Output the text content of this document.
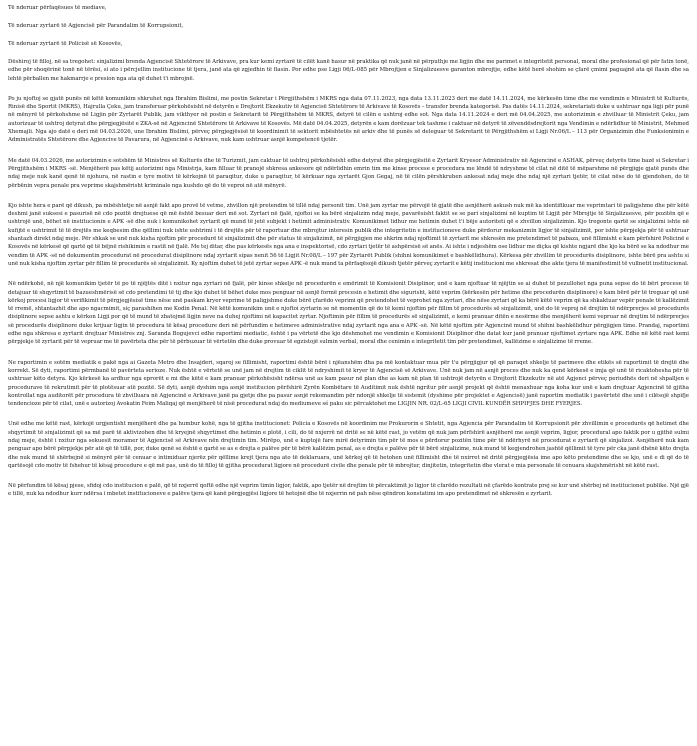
Të nderuar përfaqësues të mediave,

Të nderuar zyrtarë të Agjencisë për Parandalim të Korrupsionit,

Të nderuar zyrtarë të Policisë së Kosovës,

Dëshiroj të filloj, në sa tregohet: sinjalizimi brenda Agjencisë Shtetërore të Arkivave, pra kur kemi zyrtarë të cilët kanë hasur në praktika që nuk janë në përputhje me ligjin dhe me parimet e integritetit personal, moral dhe profesional që për fatin tonë, edhe për shoqërinë tonë në tërësi, si ato i përcjellim institucione të tjera, janë ata që zgjedhin të flasin. Por edhe pse Ligji 06/L-085 për Mbrojtjen e Sinjalizuesve garanton mbrojtje, edhe këtë herë shohim se çfarë çmimi paguajnë ata që flasin dhe sa lehtë përballen me hakmarrje e presion nga ata që duhet t'i mbrojnë.

Po ju njoftoj se gjatë punës në këtë komunikim shkruhet nga Ibrahim Bislimi, me postin Sekretar i Përgjithshëm i MKRS nga data 07.11.2023, nga data 13.11.2023 deri me datë 14.11.2024, me kërkesën time dhe me vendimin e Ministrit të Kulturës, Rinisë dhe Sportit (MKRS), Hajrulla Çeku, jam transferuar përkohësisht në detyrën e Drejtorit Ekzekutiv të Agjencisë Shtetërore të Arkivave të Kosovës – transfer brenda kategorisë. Pas datës 14.11.2024, sekretariati duke u ushtruar nga ligji për punë në mënyrë të përkohshme në Ligjin për Zyrtarët Publik, jam vikthyer në postin e Sekretarit të Përgjithshëm të MKRS, detyrë të cilën e ushtroj edhe sot. Nga data 14.11.2024 e deri më 04.04.2025, me autorizimin e zhvilluar të Ministrit Çeku, jam autorizuar të ushtroj detyrat dhe përgjegjësitë e ZKA-së në Agjencinë Shtetërore të Arkivave të Kosovës. Më datë 04.04.2025, detyrën e kam dorëzuar tek tashme i caktuar në detyrë të zëvendësdrejtorit nga Vendimin e ndërlidhur të Ministrit, Mehmed Xhemajli. Nga ajo datë e deri më 04.03.2026, une Ibrahim Bislimi, përveç përgjegjësisë të koordinimit të sektorit mbështetës në arkiv dhe të punës së deleguar të Sekretarit të Përgjithshëm si Ligji Nr.06/L – 113 për Organizimin dhe Funksionimin e Administratës Shtetërore dhe Agjencive të Pavarura, në Agjencinë e Arkivave, nuk kam ushtruar asnjë kompetencë tjetër.

Me datë 04.03.2026, me autorizimin e sotshëm të Ministres së Kulturës dhe të Turizmit, jam caktuar të ushtroj përkohësisht edhe detyrat dhe përgjegjësitë e Zyrtarit Kryesor Administrativ në Agjencinë e ASHAK, përveç detyrës time bazë si Sekretar i Përgjithshëm i MKRS -së. Menjëherë pas këtij autorizimi nga Ministrja, kam filluar të pranojë shkresa ankesore që ndërlidhin emrin tim me kinse procese e procedura me lëndë të ndryshme të cilat në ditë të mëparshme në përgjigje gjatë punës dhe ndaj meje nuk kanë qenë të njohura, në rastin e tyre motivi të kërkojnë të paraqitur, duke u paraqitur, të kërkuar nga zyrtarët Gjon Gegaj, në të cilën përshkruhen ankesat ndaj meje dhe ndaj një zyrtari tjetër, të cilat nëse do të gjendohen, do të përbënin vepra penale pra veprime skajshmërisht kriminale nga kushdo që do të veproi në atë mënyrë.

Kjo ishte hera e parë që dikush, pa mbështetje në asnjë fakt apo provë të vetme, zhvillon një pretendim të tillë ndaj personit tim. Unë jam zyrtar me përvojë të gjatë dhe asnjëherë askush nuk më ka identifikuar me veprimtari të paligjshme dhe për këtë deshmi janë suksesi e pasurisë në cdo pozitë drejtuese që më është besuar deri më sot. Zyrtari në fjalë, njoftoi se ka bërë sinjalizim ndaj meje, pavarësisht faktit se se pari sinjalizimi në kuptim të Ligjit për Mbrojtje të Sinjalizuesve, për pozitën që e ushtrojë unë, bëhet në institucionin e APK -së dhe nuk i komunikohet zyrtarit që mund të jetë subjekt i hetimit administrativ. Komunikimet lidhur me hetimin duhet t'i bëje autoriteti që e zhvillon sinjalizimin. Kjo tregonte qartë se sinjalizimi ishte në kufijtë e ushtrimit të të drejtës me keqbesim dhe qëllimi nuk ishte ushtrimi i të drejtës për të raportuar dhe mbrojtur interesin publik dhe integritetin e institucioneve duke përdorur mekanizmin ligjor të sinjalizimit, por ishte përpjekja për të ushtruar shantazh direkt ndaj meje. Për shkak se unë nuk kisha njoftim për procedurë të sinjalizimit dhe për status të sinjalizimit, në përgjigjen me shkrim ndaj njoftimit të zyrtarit me shkresën me pretendimet të pabaza, unë fillimisht e kam përfshirë Policinë e Kosovës në kërkesë që qartë që të bëjnë rishikimin e rastit në fjalë. Me tej ditar, dhe pas kërkesës nga ana e inspektorisë, cdo zyrtari tjetër të ashpërsisë së anës. Ai ishte i ndjeshëm ose lidhur me diçka që kishte ngjarë dhe kjo ka bërë se ka ndodhur me vendim të APK -së në dokumentin procedurat në procedurat disiplinore ndaj zyrtarit sipas nenit 56 të Ligjit Nr.08/L – 197 për Zyrtarët Publik (shihni komunikimet e bashkëlidhura). Kërkesa për zhvillim të procedurës disiplinore, ishte bërë pra ashtu si unë nuk kisha njoftim zyrtar për fillim të procedurës së sinjalizimit. Ky njoftim duhet të jetë zyrtar sepse APK -ë nuk mund ta përfaqësojë dikush tjetër përveç zyrtarit e këtij institucioni me shkresat dhe akte tjera të manifestimit të vullnetit institucional.

Në ndërkohë, në një komunikim tjetër të po të njëjtës ditë i nxitur nga zyrtari në fjalë, për kinse shkelje në procedurën e emërimit të Komisionit Disiplinor, unë e kam njoftuar të njëjtin se ai duhet të pezullohet nga puna sepse do të bëri procese të detajuar të shqyrtimit të bazueshmërisë së cdo pretendimi të tij dhe kjo duhet të bëhet duke mos penguar në asnjë formë procesin e hetimit dhe sigurisht, këtë veprim (kërkesën për hetime dhe procedurën disiplinore) e kam bërë për të treguar që unë kërkoj procesi ligjor të verifikimit të përgjegjësisë time nëse unë paskam kryer veprime të paligjshme duke bërë çfarëdo veprimi që pretendohet të veprohet nga zyrtari, dhe nëse zyrtari që ka bërë këtë veprim që ka shkaktuar vepër penale të kallëzimit të rremë, shtantazhit dhe apo ngacmimit, siç parashihen me Kodin Penal. Në këtë komunikim unë e njoftoi zyrtarin se në momentin që do të kemi njoftim për fillim të procedurës së sinjalizimit, unë do të veproj në drejtim të ndërprerjes së procedurës disiplinore sepse ashtu e kërkon Ligji por që të mund të zbatojmë ligjin neve na duhej njoftimi në kapacitet zyrtar. Njoftimin për fillim të procedurës së sinjalizimit, e kemi pranuar ditën e nesërme dhe menjëherë kemi vepruar në drejtim të ndërprerjes së procedurës disiplinore duke krijuar ligjin të procedura të kësaj procedure deri në përfundim e hetimeve administrative ndaj zyrtarit nga ana e APK -së. Në këtë njoftim për Agjencinë mund të shihni bashkëlidhur përgjigjen time. Prandaj, raportimi edhe nga shkresa e zyrtarit drejtuar Ministres znj. Saranda Bogujevci edhe raportimi mediatic, është i pa vërtetë dhe kjo dëshmohet me vendimin e Komisionit Disiplinor dhe datat kur janë pranuar njoftimet zyrtare nga APK. Edhe në këtë rast kemi përpjekje të zyrtarit për të vepruar me të pavërteta dhe për të përbuzuar të vërtetën dhe duke provuar të egzistojë sulmin verbal, moral dhe cenimin e integritetit tim për pretendimet, kallëzime e sinjalizime të rreme.

Ne raportimin e sotëm mediatik e pakë nga ai Gazeta Metro dhe Insajderi, sqaroj se fillimisht, raportimi është bërë i njëanshëm dha pa më kontaktuar mua për t'u përgjigjur që që paraqet shkelje të parimeve dhe etikës së raportimit të drejtë dhe korrekt. Së dyti, raportimi përmbanë të pavërteta serioze. Nuk është e vërtetë se unë jam në drejtim të ciklit të ndryshimit të kryer të Agjencisë së Arkivave. Unë nuk jam në asnjë proces dhe nuk ka qenë kërkesë e imja që unë të ricaktohesha për të ushtruar këto detyra. Kjo kërkesë ka ardhur nga eprorët e mi dhe këtë e kam pranuar përkohësisht ndërsa unë as kam pasur në plan dhe as kam në plan të ushtrojë detyrën e Drejtorit Ekzekutiv në atë Agjenci përveç periudhës deri në shpalljen e procedurave të rekrutimit për të plotësuar atë pozitë. Së dyti, asnjë dyshim nga asnjë institucion përfshirë Zyrën Kombëtare të Auditimit nuk është ngritur për asnjë projekt që është menaxhuar nga koha kur unë e kam drejtuar Agjencinë të gjitha kontrollat nga auditorët për procedura të zhvilluara në Agjencinë e Arkivave janë pa gjetje dhe pa pasur asnjë rekomandim për ndonjë shkelje të sistemit (dyshime për projektet e Agjencisë) janë raportim mediatik i pavërtetë dhe unë i cilësojë shpifje tendencioze për të cilat, unë e autorizoj Avokatin Feim Maliqaj që menjëherë të nisë procedurat ndaj do mediumeve sé paku sic përcaktohet me LIGJIN NR. 02/L-65 LIGJI CIVIL KUNDËR SHPIFJES DHE FYERJES.

Unë edhe me këtë rast, kërkojë urgjentisht menjëherë dhe pa humbur kohë, nga të gjitha institucionet: Policia e Kosovës në koordinim me Prokurorin e Shtetit, nga Agjencia për Parandalim të Korrupsionit për zhvillimin e procedurës që hetimet dhe shqyrtimit të sinjalizimit që sa më parë të aktivizohen dhe të kryejnë shqyrtimet dhe hetimin e plotë, i cili, do të nxjerrë në dritë se në këtë rast, jo vetëm që nuk jam përfshirë asnjëherë me asnjë veprim, ligjor, procedural apo faktik por u gjithë sulmi ndaj meje, është i nxitur nga sekuesit moramer të Agjencisë së Arkivave nën drejtimin tim. Mirëpo, unë e kuptojë fare mirë detyrimin tim për të mos e përdorur pozitën time për të ndërhyrë në procedurat e zyrtarit që sinjalizoi. Asnjëherë nuk kam penguar apo bërë përpjekje për atë që të tillë, por, duke qenë se është e qartë se as e drejta e palëve për të bërë kallëzim penal, as e drejta e palëve për të bërë sinjalizime, nuk mund të kegjendrohen jashtë qëllimit të tyre për cka janë dhënë këto drejta dhe nuk mund të shërbejnë si mënyrë për të cenuar e intimiduar njerëz për qëllime krejt tjera nga ato të deklaruara, unë kërkoj që të hetohen unë fillimisht dhe të nxirret në dritë përgjegjësia ime apo këto pretendime dhe se kjo, unë e di që do të qartësojë cdo motiv të fshehur të kësaj procedure e që më pas, unë do të filloj të gjitha procedurat ligjore në procedurë civile dhe penale për të mbrojtur, dinjitetin, integritetin dhe vlerat e mia personale të cenuara skajshmërisht në këtë rast.

Në përfundim të kësaj pjese, sfidoj cdo institucion e palë, që të nxjerrë qoftë edhe një veprim timin ligjor, faktik, apo tjetër në drejtim të përcaktimit jo ligjor të cfarëdo rezultati në çfarëdo kontrate prej se kur unë shërbej në institucionet publike. Një gjë e tillë, nuk ka ndodhur kurr ndërsa i mbetet institucioneve e palëve tjera që kanë përgjegjësi ligjore të hetojnë dhe të nxjerrin në pah nëse qëndron konstatimi im apo pretendimet në shkresën e zyrtarit.
